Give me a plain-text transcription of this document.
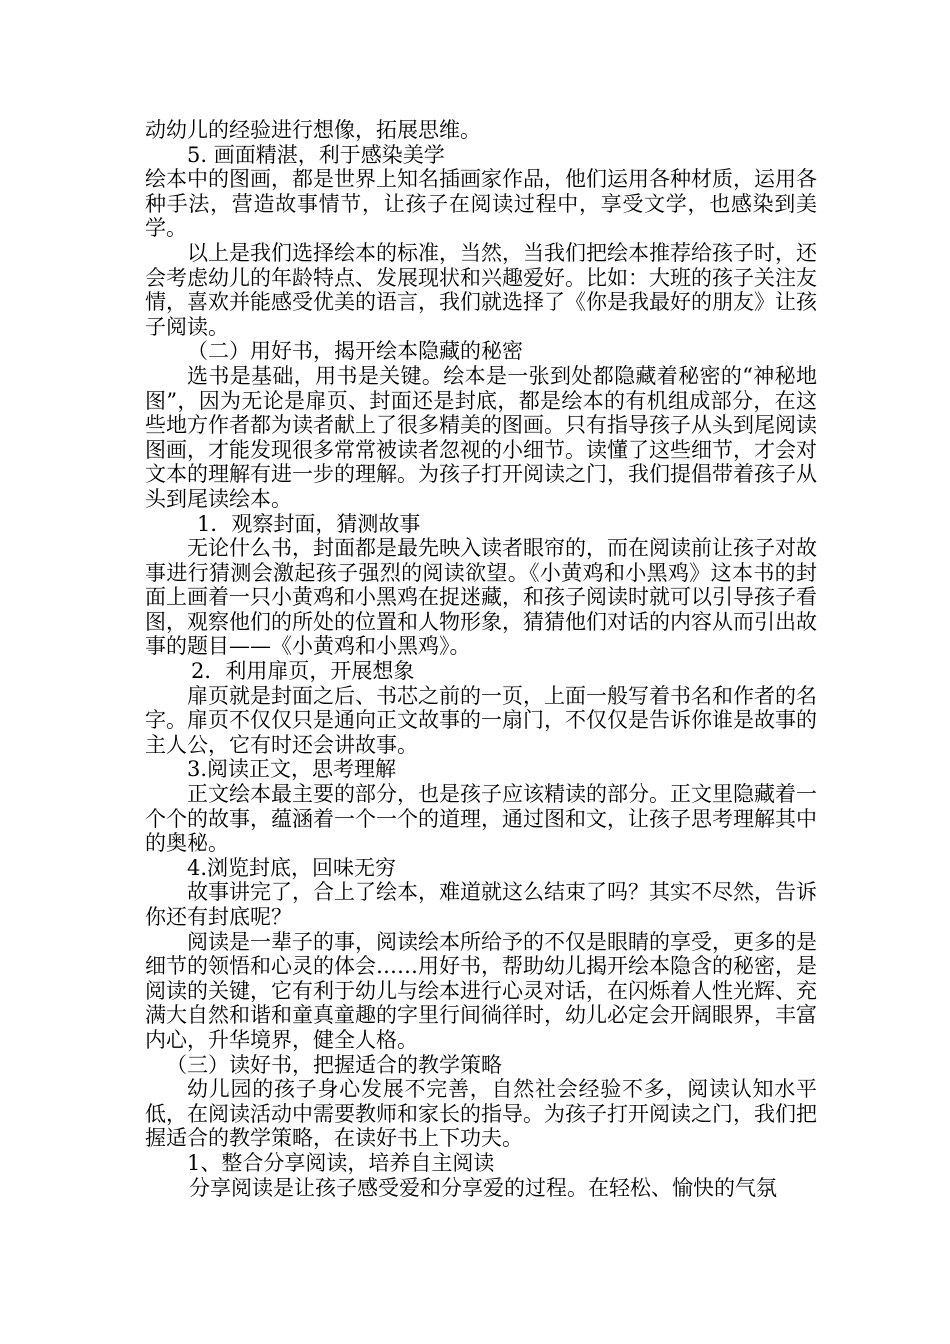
动幼儿的经验进行想像，拓展思维。

5. 画面精湛，利于感染美学

绘本中的图画，都是世界上知名插画家作品，他们运用各种材质，运用各种手法，营造故事情节，让孩子在阅读过程中，享受文学，也感染到美学。

以上是我们选择绘本的标准，当然，当我们把绘本推荐给孩子时，还会考虑幼儿的年龄特点、发展现状和兴趣爱好。比如：大班的孩子关注友情，喜欢并能感受优美的语言，我们就选择了《你是我最好的朋友》让孩子阅读。

（二）用好书，揭开绘本隐藏的秘密

选书是基础，用书是关键。绘本是一张到处都隐藏着秘密的“神秘地图”，因为无论是扉页、封面还是封底，都是绘本的有机组成部分，在这些地方作者都为读者献上了很多精美的图画。只有指导孩子从头到尾阅读图画，才能发现很多常常被读者忽视的小细节。读懂了这些细节，才会对文本的理解有进一步的理解。为孩子打开阅读之门，我们提倡带着孩子从头到尾读绘本。

1．观察封面，猜测故事

无论什么书，封面都是最先映入读者眼帘的，而在阅读前让孩子对故事进行猜测会激起孩子强烈的阅读欲望。《小黄鸡和小黑鸡》这本书的封面上画着一只小黄鸡和小黑鸡在捉迷藏，和孩子阅读时就可以引导孩子看图，观察他们的所处的位置和人物形象，猜猜他们对话的内容从而引出故事的题目——《小黄鸡和小黑鸡》。

2．利用扉页，开展想象

扉页就是封面之后、书芯之前的一页，上面一般写着书名和作者的名字。扉页不仅仅只是通向正文故事的一扇门，不仅仅是告诉你谁是故事的主人公，它有时还会讲故事。

3.阅读正文，思考理解

正文绘本最主要的部分，也是孩子应该精读的部分。正文里隐藏着一个个的故事，蕴涵着一个一个的道理，通过图和文，让孩子思考理解其中的奥秘。

4.浏览封底，回味无穷

故事讲完了，合上了绘本，难道就这么结束了吗？其实不尽然，告诉你还有封底呢？

阅读是一辈子的事，阅读绘本所给予的不仅是眼睛的享受，更多的是细节的领悟和心灵的体会……用好书，帮助幼儿揭开绘本隐含的秘密，是阅读的关键，它有利于幼儿与绘本进行心灵对话，在闪烁着人性光辉、充满大自然和谐和童真童趣的字里行间徜徉时，幼儿必定会开阔眼界，丰富内心，升华境界，健全人格。

（三）读好书，把握适合的教学策略

幼儿园的孩子身心发展不完善，自然社会经验不多，阅读认知水平低，在阅读活动中需要教师和家长的指导。为孩子打开阅读之门，我们把握适合的教学策略，在读好书上下功夫。

1、整合分享阅读，培养自主阅读

分享阅读是让孩子感受爱和分享爱的过程。在轻松、愉快的气氛
